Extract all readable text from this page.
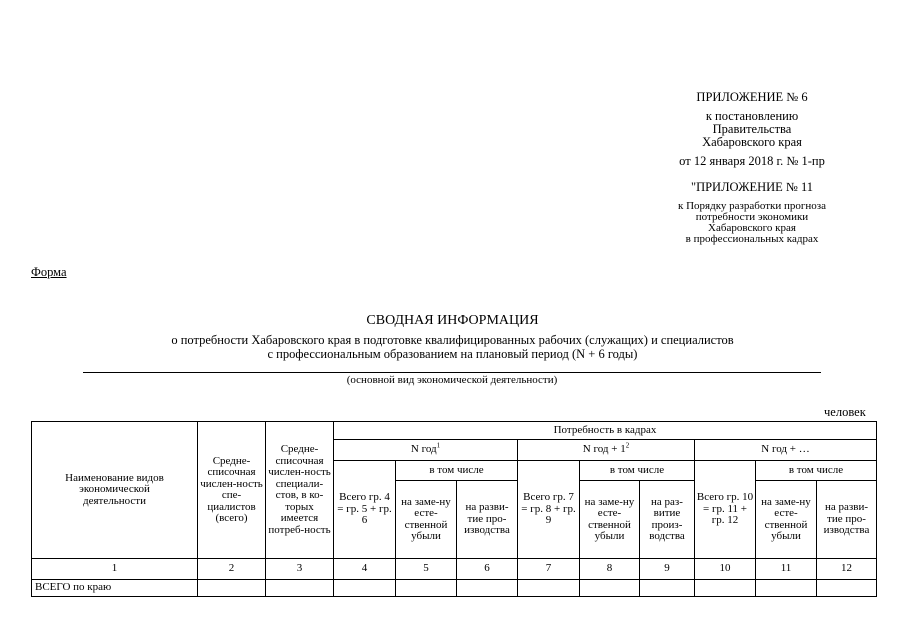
ПРИЛОЖЕНИЕ № 6
к постановлению
Правительства
Хабаровского края
от 12 января 2018 г. № 1-пр
"ПРИЛОЖЕНИЕ № 11
к Порядку разработки прогноза
потребности экономики
Хабаровского края
в профессиональных кадрах
Форма
СВОДНАЯ ИНФОРМАЦИЯ
о потребности Хабаровского края в подготовке квалифицированных рабочих (служащих) и специалистов
с профессиональным образованием на плановый период (N + 6 годы)
(основной вид экономической деятельности)
человек
Наименование видов экономической деятельности	Средне-списочная числен-ность спе-циалистов (всего)	Средне-списочная числен-ность специали-стов, в ко-торых имеется потреб-ность	Потребность в кадрах								
			N год$^1$			N год + $1^2$			N год + …		
			Всего гр. 4 = гр. 5 + гр. 6	в том числе		Всего гр. 7 = гр. 8 + гр. 9	в том числе		Всего гр. 10 = гр. 11 + гр. 12	в том числе	
				на заме-ну есте-ственной убыли	на разви-тие про-изводства		на заме-ну есте-ственной убыли	на раз-витие произ-водства		на заме-ну есте-ственной убыли	на разви-тие про-изводства
1	2	3	4	5	6	7	8	9	10	11	12
ВСЕГО по краю											
